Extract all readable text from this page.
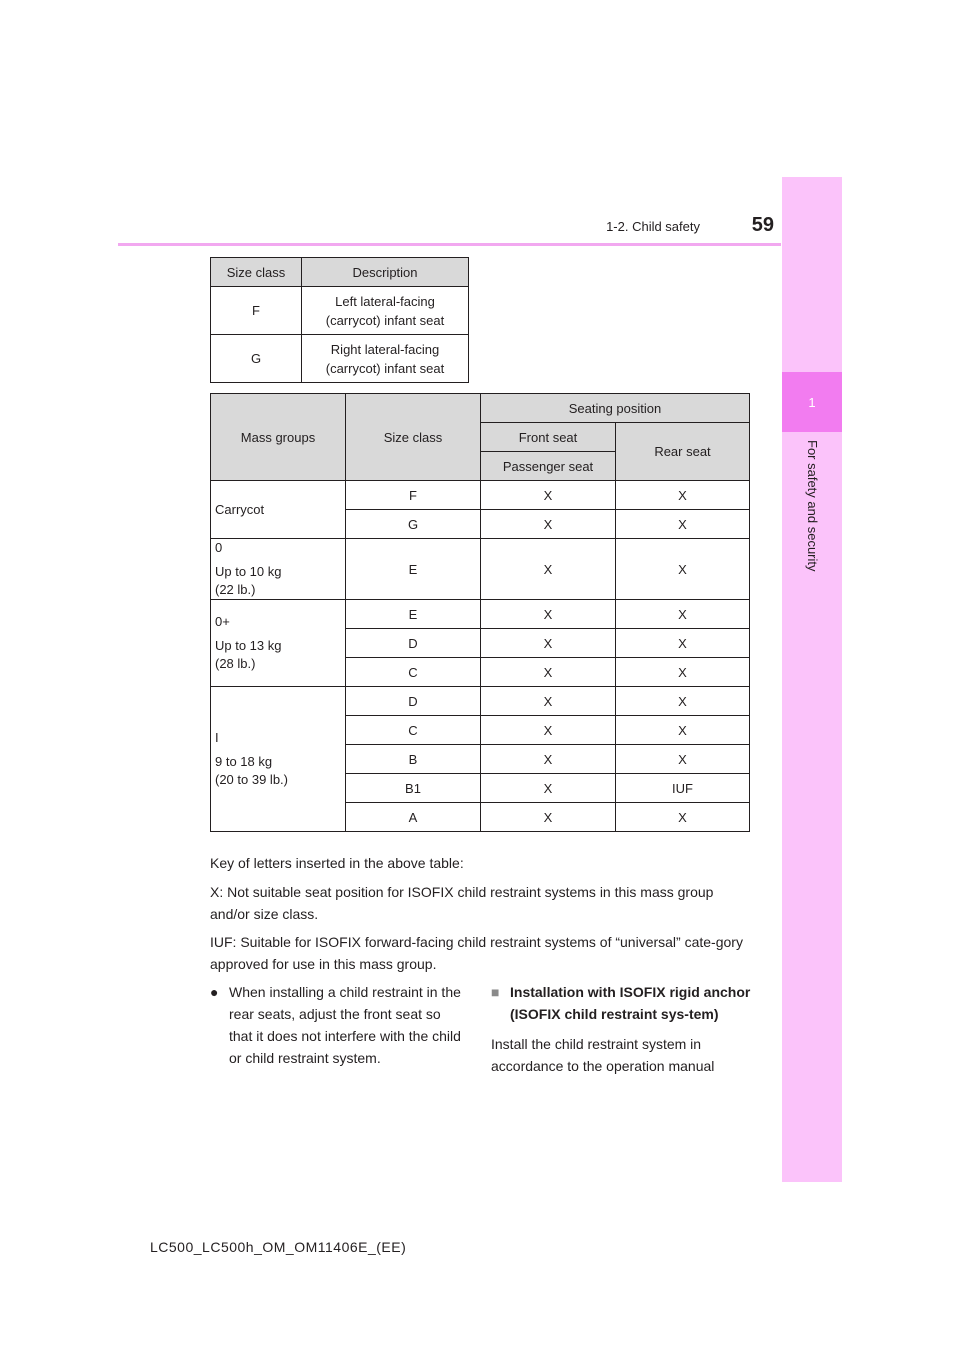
1
For safety and security
1-2. Child safety	59
Size class	Description
F	Left lateral-facing
(carrycot) infant seat
G	Right lateral-facing
(carrycot) infant seat
Mass groups	Size class	Seating position	
		Front seat	Rear seat
		Passenger seat	

Carrycot	F	X	X
	G	X	X

0
Up to 10 kg
(22 lb.)	E	X	X

0+
Up to 13 kg
(28 lb.)	E	X	X
	D	X	X
	C	X	X

I
9 to 18 kg
(20 to 39 lb.)	D	X	X
	C	X	X
	B	X	X
	B1	X	IUF
	A	X	X

Key of letters inserted in the above table:

X: Not suitable seat position for ISOFIX child restraint systems in this mass group and/or size class.

IUF: Suitable for ISOFIX forward-facing child restraint systems of “universal” cate-gory approved for use in this mass group.

● When installing a child restraint in the rear seats, adjust the front seat so that it does not interfere with the child or child restraint system.
■ Installation with ISOFIX rigid anchor (ISOFIX child restraint sys-tem)
Install the child restraint system in accordance to the operation manual
LC500_LC500h_OM_OM11406E_(EE)
